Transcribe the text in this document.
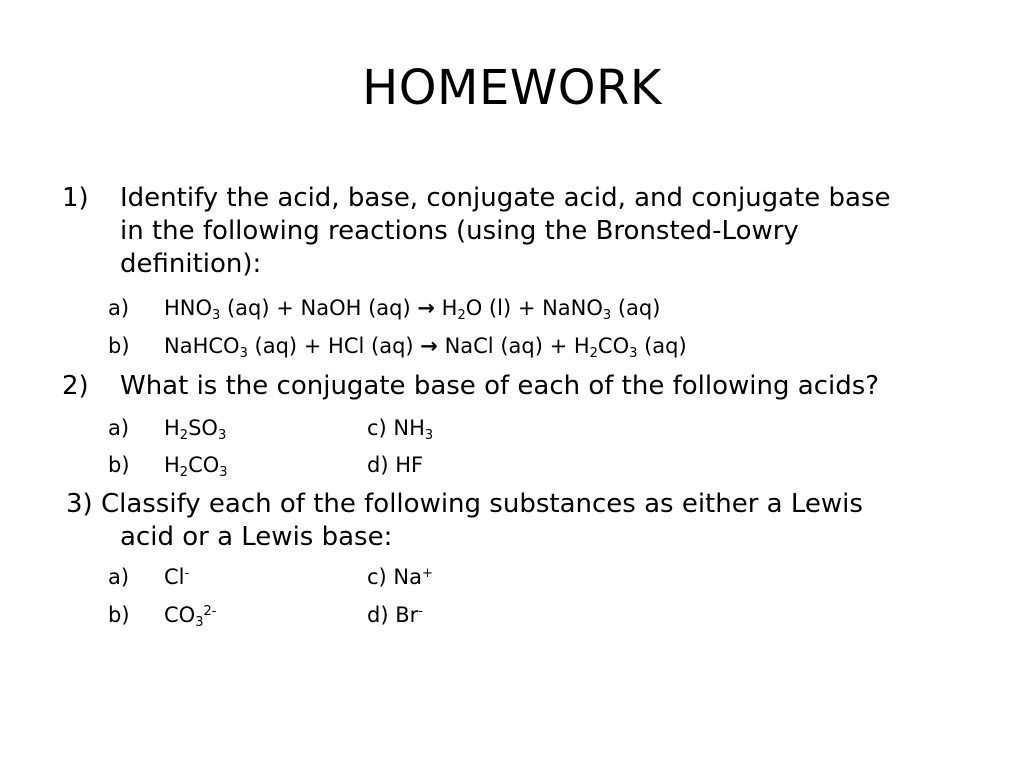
HOMEWORK
1) Identify the acid, base, conjugate acid, and conjugate base
in the following reactions (using the Bronsted-Lowry
definition):
a) $HNO_3$ (aq) + NaOH $(aq) \to H_2O$ (l) + NaNO$_3$ (aq)
b) NaHCO$_3$ (aq) + HCl (aq) → NaCl $(aq) + H_2CO_3$ (aq)
2) What is the conjugate base of each of the following acids?
a) $H_2SO_3$	c) $NH_3$
b) $H_2CO_3$	d) HF
3) Classify each of the following substances as either a Lewis
acid or a Lewis base:
a) Cl-	c) Na+
b) $CO_3^{2-}$	d) Br-
